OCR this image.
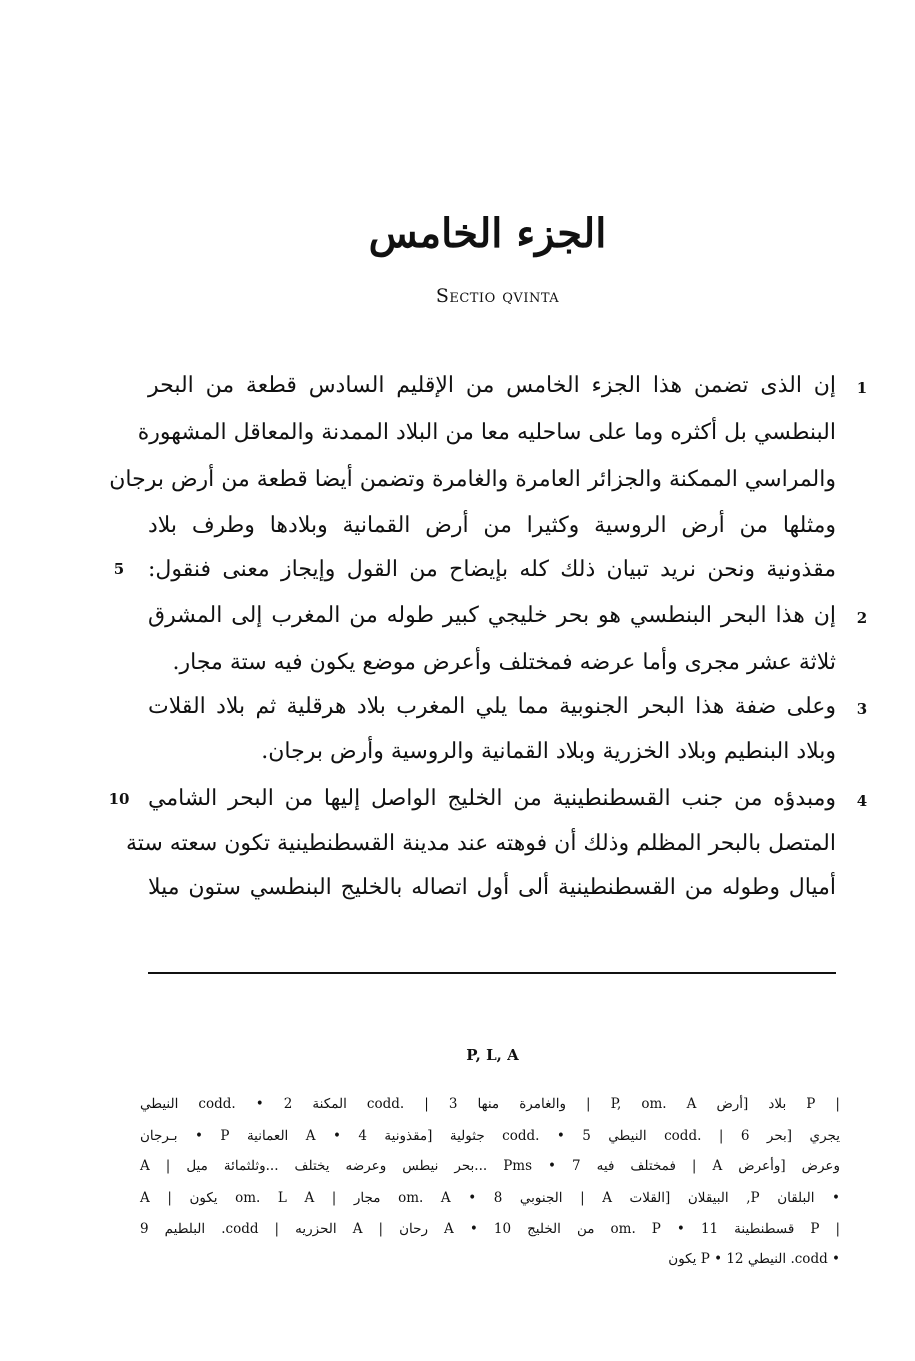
الجزء الخامس
Sectio qvinta
إن الذى تضمن هذا الجزء الخامس من الإقليم السادس قطعة من البحر
البنطسي بل أكثره وما على ساحليه معا من البلاد الممدنة والمعاقل المشهورة
والمراسي الممكنة والجزائر العامرة والغامرة وتضمن أيضا قطعة من أرض برجان
ومثلها من أرض الروسية وكثيرا من أرض القمانية وبلادها وطرف بلاد
مقذونية ونحن نريد تبيان ذلك كله بإيضاح من القول وإيجاز معنى فنقول:
إن هذا البحر البنطسي هو بحر خليجي كبير طوله من المغرب إلى المشرق
ثلاثة عشر مجرى وأما عرضه فمختلف وأعرض موضع يكون فيه ستة مجار.
وعلى ضفة هذا البحر الجنوبية مما يلي المغرب بلاد هرقلية ثم بلاد القلات
وبلاد البنطيم وبلاد الخزرية وبلاد القمانية والروسية وأرض برجان.
ومبدؤه من جنب القسطنطينية من الخليج الواصل إليها من البحر الشامي
المتصل بالبحر المظلم وذلك أن فوهته عند مدينة القسطنطينية تكون سعته ستة
أميال وطوله من القسطنطينية ألى أول اتصاله بالخليج البنطسي ستون ميلا
1
2
3
4
5
10
P, L, A
| P بلاد [أرض P, om. A | والغامرة منها codd. | 3 المكنة codd. • 2 النيطي
يجري [بحر codd. | 6 النيطي codd. • 5 جثولية [مقذونية A • 4 العمانية P • بـرجان
وعرض [وأعرض A | فمختلف فيه 7 • Pms ...بحر نيطس وعرضه يختلف ...وثلثمائة ميل | A
• البلقان P, البيقلان [القلات A | الجنوبي 8 • om. A مجار | om. L A يكون | A
| P قسطنطينة 11 • om. P من الخليج 10 • A رحان | A الحزريه | codd. البلطيم 9
• codd. النيطي 12 • P يكون
